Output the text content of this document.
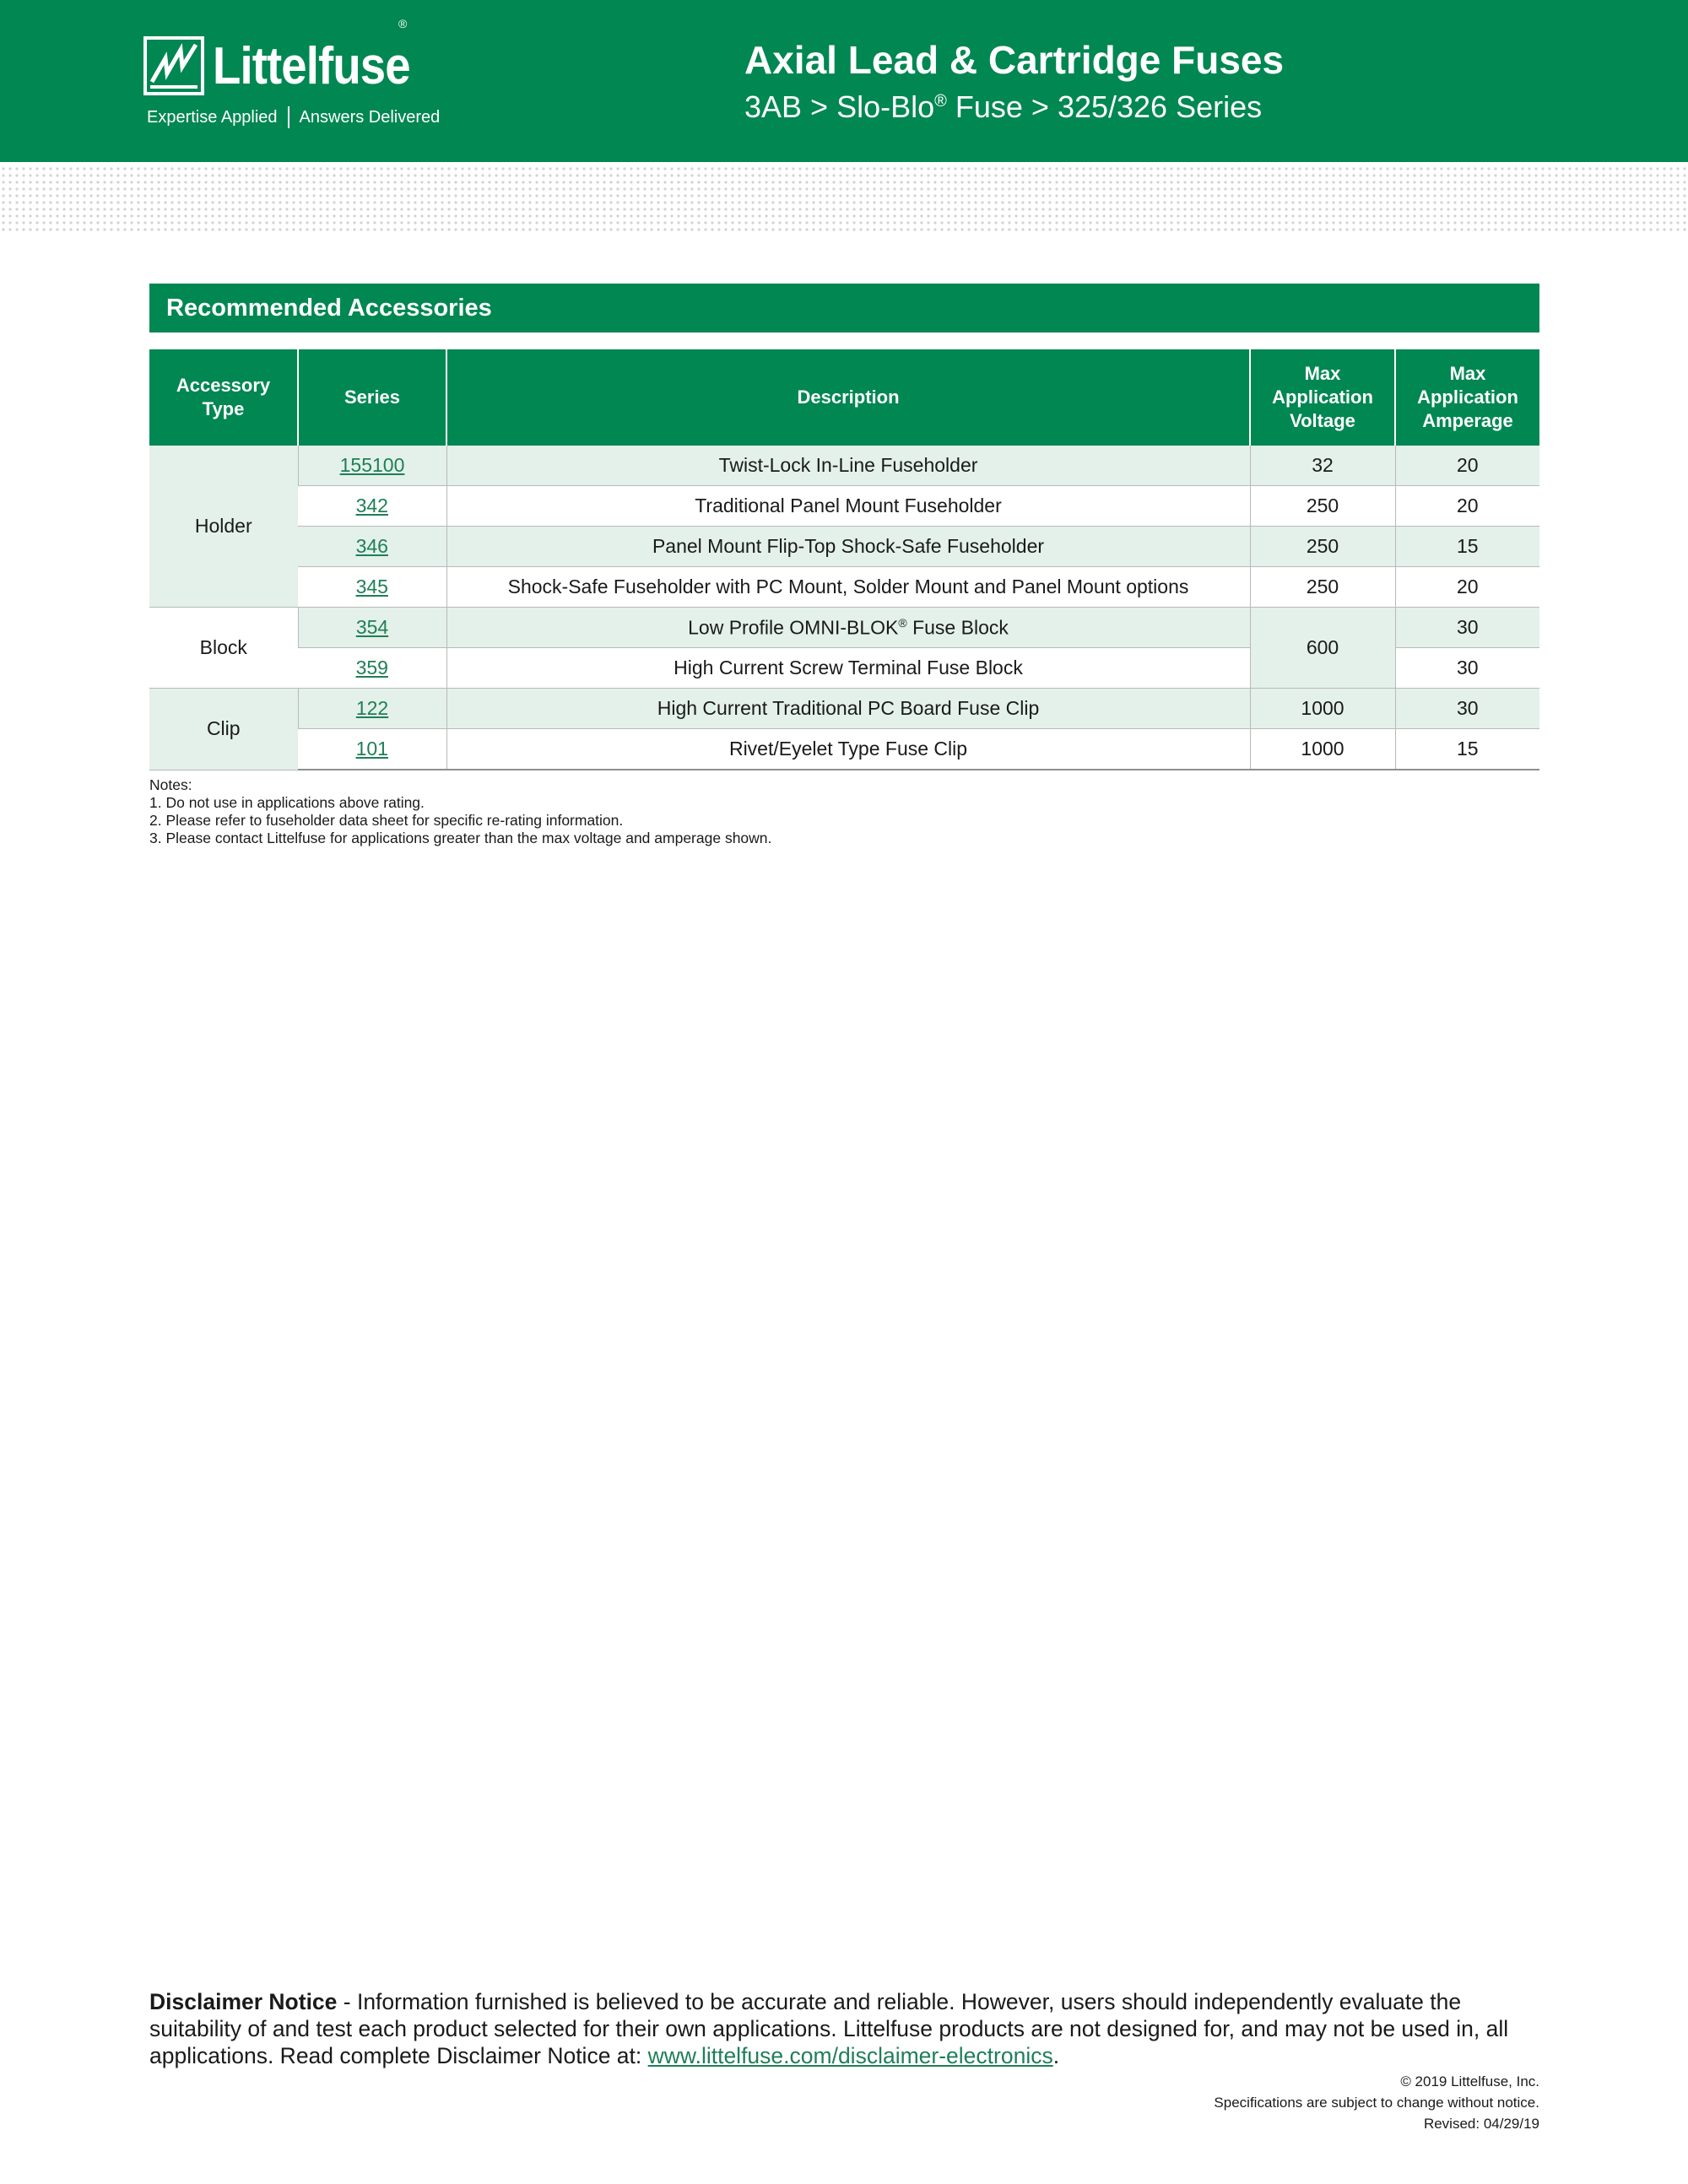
Littelfuse
®
Expertise Applied Answers Delivered
Axial Lead & Cartridge Fuses
3AB > Slo-Blo® Fuse > 325/326 Series
Recommended Accessories
Accessory
Type	Series	Description	Max
Application
Voltage	Max
Application
Amperage
Holder	155100	Twist-Lock In-Line Fuseholder	32	20
	342	Traditional Panel Mount Fuseholder	250	20
	346	Panel Mount Flip-Top Shock-Safe Fuseholder	250	15
	345	Shock-Safe Fuseholder with PC Mount, Solder Mount and Panel Mount options	250	20
Block	354	Low Profile OMNI-BLOK® Fuse Block	600	30
	359	High Current Screw Terminal Fuse Block		30
Clip	122	High Current Traditional PC Board Fuse Clip	1000	30
	101	Rivet/Eyelet Type Fuse Clip	1000	15
Notes:
1. Do not use in applications above rating.
2. Please refer to fuseholder data sheet for specific re-rating information.
3. Please contact Littelfuse for applications greater than the max voltage and amperage shown.
Disclaimer Notice - Information furnished is believed to be accurate and reliable. However, users should independently evaluate the suitability of and test each product selected for their own applications. Littelfuse products are not designed for, and may not be used in, all applications. Read complete Disclaimer Notice at: www.littelfuse.com/disclaimer-electronics.
© 2019 Littelfuse, Inc.
Specifications are subject to change without notice.
Revised: 04/29/19
